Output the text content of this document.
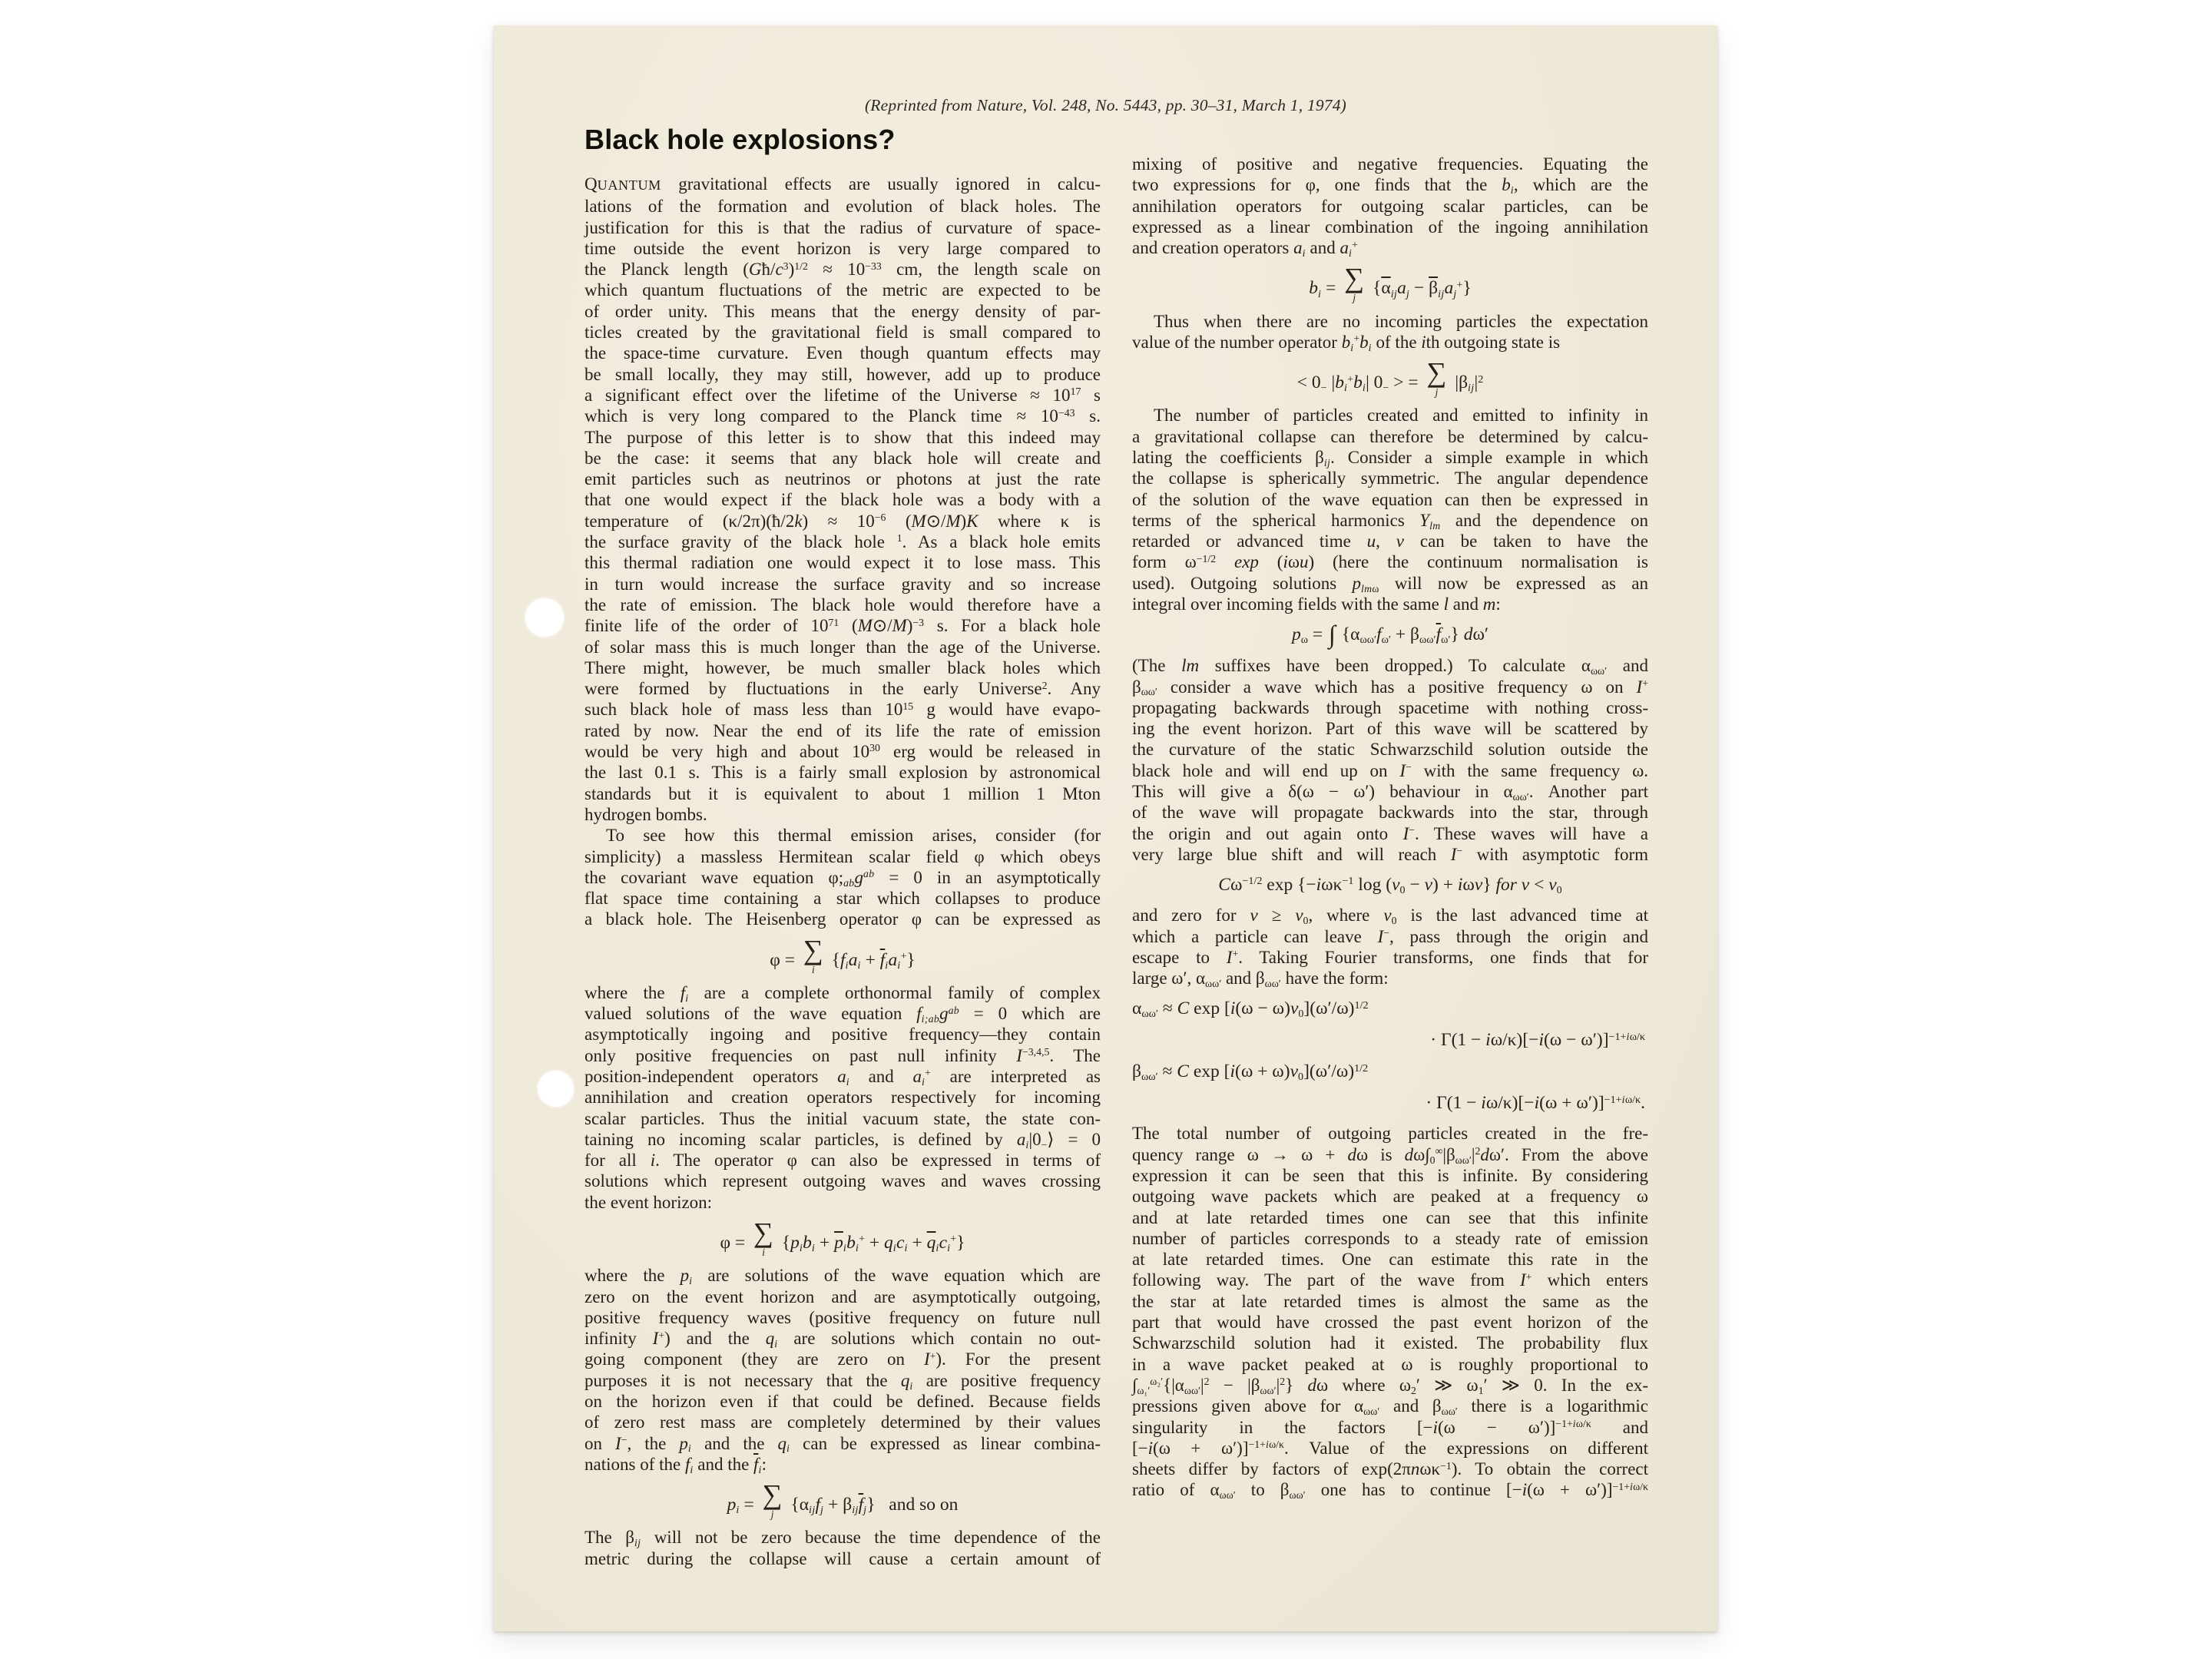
(Reprinted from Nature, Vol. 248, No. 5443, pp. 30–31, March 1, 1974)
Black hole explosions?
QUANTUM gravitational effects are usually ignored in calcu-
lations of the formation and evolution of black holes. The
justification for this is that the radius of curvature of space-
time outside the event horizon is very large compared to
the Planck length $(Għ/c^3)^{1/2} \approx 10^{-33}$ cm, the length scale on
which quantum fluctuations of the metric are expected to be
of order unity. This means that the energy density of par-
ticles created by the gravitational field is small compared to
the space-time curvature. Even though quantum effects may
be small locally, they may still, however, add up to produce
a significant effect over the lifetime of the Universe ≈ $10^{17}$ s
which is very long compared to the Planck time ≈ $10^{-43}$ s.
The purpose of this letter is to show that this indeed may
be the case: it seems that any black hole will create and
emit particles such as neutrinos or photons at just the rate
that one would expect if the black hole was a body with a
temperature of (κ/2π)(ħ/2k) ≈ $10^{-6}$ (M⊙/M)K where κ is
the surface gravity of the black hole $^1$. As a black hole emits
this thermal radiation one would expect it to lose mass. This
in turn would increase the surface gravity and so increase
the rate of emission. The black hole would therefore have a
finite life of the order of $10^{71}$ (M⊙/M)$^{-3}$ s. For a black hole
of solar mass this is much longer than the age of the Universe.
There might, however, be much smaller black holes which
were formed by fluctuations in the early Universe$^2$. Any
such black hole of mass less than $10^{15}$ g would have evapo-
rated by now. Near the end of its life the rate of emission
would be very high and about $10^{30}$ erg would be released in
the last 0.1 s. This is a fairly small explosion by astronomical
standards but it is equivalent to about 1 million 1 Mton
hydrogen bombs.
To see how this thermal emission arises, consider (for
simplicity) a massless Hermitean scalar field φ which obeys
the covariant wave equation $\varphi;_{ab}g^{ab} = 0$ in an asymptotically
flat space time containing a star which collapses to produce
a black hole. The Heisenberg operator φ can be expressed as
φ = ∑
i $\{f_ia_i + \overline{f}_ia_i^+\}$
where the $f_i$ are a complete orthonormal family of complex
valued solutions of the wave equation $f_{i;ab}g^{ab} = 0$ which are
asymptotically ingoing and positive frequency—they contain
only positive frequencies on past null infinity $I^{-3,4,5}$. The
position-independent operators $a_i$ and $a_i^+$ are interpreted as
annihilation and creation operators respectively for incoming
scalar particles. Thus the initial vacuum state, the state con-
taining no incoming scalar particles, is defined by $a_i|0_-⟩ = 0$
for all i. The operator φ can also be expressed in terms of
solutions which represent outgoing waves and waves crossing
the event horizon:
φ = ∑
i $\{p_ib_i + \overline{p}_ib_i^+ + q_ic_i + \overline{q}_ic_i^+\}$
where the $p_i$ are solutions of the wave equation which are
zero on the event horizon and are asymptotically outgoing,
positive frequency waves (positive frequency on future null
infinity I+) and the $q_i$ are solutions which contain no out-
going component (they are zero on I+). For the present
purposes it is not necessary that the $q_i$ are positive frequency
on the horizon even if that could be defined. Because fields
of zero rest mass are completely determined by their values
on I−, the $p_i$ and the $q_i$ can be expressed as linear combina-
nations of the $f_i$ and the $\overline{f}_i$:
$p_i$ = ∑
j $\{\alpha_{ij}f_j + \beta_{ij}\overline{f}_j\}$   and so on
The $\beta_{ij}$ will not be zero because the time dependence of the
metric during the collapse will cause a certain amount of
mixing of positive and negative frequencies. Equating the
two expressions for φ, one finds that the $b_i$, which are the
annihilation operators for outgoing scalar particles, can be
expressed as a linear combination of the ingoing annihilation
and creation operators $a_i$ and $a_i^+$
$b_i$ = ∑
j $\{\overline{\alpha}_{ij}a_j - \overline{\beta}_{ij}a_j^+\}$
Thus when there are no incoming particles the expectation
value of the number operator $b_i^+b_i$ of the ith outgoing state is
< $0_-$ $|b_i^+b_i|$ $0_-$ > = ∑
j $|\beta_{ij}|^2$
The number of particles created and emitted to infinity in
a gravitational collapse can therefore be determined by calcu-
lating the coefficients $\beta_{ij}$. Consider a simple example in which
the collapse is spherically symmetric. The angular dependence
of the solution of the wave equation can then be expressed in
terms of the spherical harmonics $Y_{lm}$ and the dependence on
retarded or advanced time u, v can be taken to have the
form $\omega^{-1/2}$ exp (iωu) (here the continuum normalisation is
used). Outgoing solutions $p_{lm\omega}$ will now be expressed as an
integral over incoming fields with the same l and m:
$p_\omega$ = ∫ $\{\alpha_{\omega\omega'}f_{\omega'} + \beta_{\omega\omega'}\overline{f}_{\omega'}\}$ dω′
(The lm suffixes have been dropped.) To calculate $\alpha_{\omega\omega'}$ and
$\beta_{\omega\omega'}$ consider a wave which has a positive frequency ω on I+
propagating backwards through spacetime with nothing cross-
ing the event horizon. Part of this wave will be scattered by
the curvature of the static Schwarzschild solution outside the
black hole and will end up on I− with the same frequency ω.
This will give a δ(ω − ω′) behaviour in $\alpha_{\omega\omega'}$. Another part
of the wave will propagate backwards into the star, through
the origin and out again onto I−. These waves will have a
very large blue shift and will reach I− with asymptotic form
$C\omega^{-1/2}$ exp {−iωκ$^{-1}$ $\log (v_0 - v) + i\omega v$} for $v < v_0$
and zero for $v \ge v_0$, where $v_0$ is the last advanced time at
which a particle can leave I−, pass through the origin and
escape to I+. Taking Fourier transforms, one finds that for
large ω′, $\alpha_{\omega\omega'}$ and $\beta_{\omega\omega'}$ have the form:
$\alpha_{\omega\omega'} \approx C$ $\exp [i(\omega - \omega)v_0](\omega'/\omega)^{1/2}$
· $\Gamma(1 - i\omega/\kappa)[-i(\omega - \omega')]^{-1+i\omega/\kappa}$
$\beta_{\omega\omega'} \approx C$ $\exp [i(\omega + \omega)v_0](\omega'/\omega)^{1/2}$
· $\Gamma(1 - i\omega/\kappa)[-i(\omega + \omega')]^{-1+i\omega/\kappa}$.
The total number of outgoing particles created in the fre-
quency range ω → ω + dω is $d\omega\int_0^\infty|\beta_{\omega\omega'}|^2d\omega'$. From the above
expression it can be seen that this is infinite. By considering
outgoing wave packets which are peaked at a frequency ω
and at late retarded times one can see that this infinite
number of particles corresponds to a steady rate of emission
at late retarded times. One can estimate this rate in the
following way. The part of the wave from I+ which enters
the star at late retarded times is almost the same as the
part that would have crossed the past event horizon of the
Schwarzschild solution had it existed. The probability flux
in a wave packet peaked at ω is roughly proportional to
$\int_{\omega_1'}^{\omega_2'}\{|\alpha_{\omega\omega'}|^2 - |\beta_{\omega\omega'}|^2\}$ dω where $\omega_2'$ ≫ $\omega_1'$ ≫ 0. In the ex-
pressions given above for $\alpha_{\omega\omega'}$ and $\beta_{\omega\omega'}$ there is a logarithmic
singularity in the factors $[-i(\omega - \omega')]^{-1+i\omega/\kappa}$ and
$[-i(\omega + \omega')]^{-1+i\omega/\kappa}$. Value of the expressions on different
sheets differ by factors of exp(2πnωκ$^{-1}$). To obtain the correct
ratio of $\alpha_{\omega\omega'}$ to $\beta_{\omega\omega'}$ one has to continue $[-i(\omega + \omega')]^{-1+i\omega/\kappa}$
